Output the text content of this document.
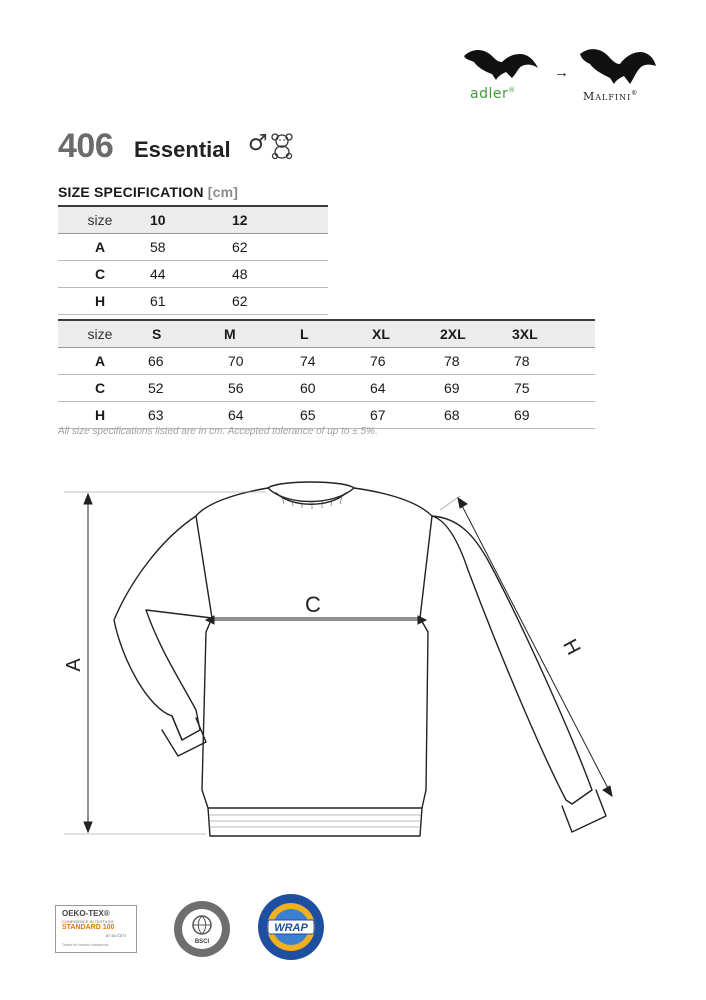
adler®
→
Malfini®
406 Essential ♂
SIZE SPECIFICATION [cm]
size	10	12
A	58	62
C	44	48
H	61	62
size	S	M	L	XL	2XL	3XL
A	66	70	74	76	78	78
C	52	56	60	64	69	75
H	63	64	65	67	68	69
All size specifications listed are in cm. Accepted tolerance of up to ± 5%.
A
C
H
OEKO-TEX®
CONFIDENCE IN TEXTILES
STANDARD 100
87.50 ČETI
Tested for harmful substances	BSCI
WRAP
